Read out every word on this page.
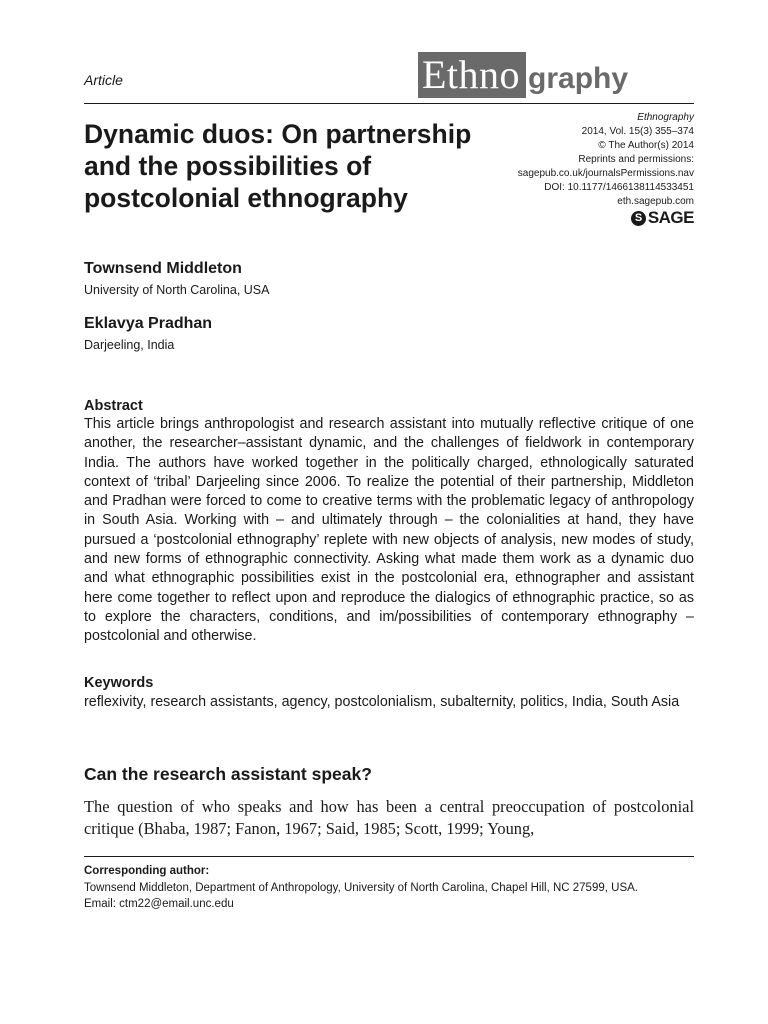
Article	Ethno graphy
Dynamic duos: On partnership and the possibilities of postcolonial ethnography
Ethnography
2014, Vol. 15(3) 355–374
© The Author(s) 2014
Reprints and permissions:
sagepub.co.uk/journalsPermissions.nav
DOI: 10.1177/1466138114533451
eth.sagepub.com
S SAGE
Townsend Middleton
University of North Carolina, USA
Eklavya Pradhan
Darjeeling, India
Abstract

This article brings anthropologist and research assistant into mutually reflective critique of one another, the researcher–assistant dynamic, and the challenges of fieldwork in contemporary India. The authors have worked together in the politically charged, ethnologically saturated context of ‘tribal’ Darjeeling since 2006. To realize the potential of their partnership, Middleton and Pradhan were forced to come to creative terms with the problematic legacy of anthropology in South Asia. Working with – and ultimately through – the colonialities at hand, they have pursued a ‘postcolonial ethnography’ replete with new objects of analysis, new modes of study, and new forms of ethnographic connectivity. Asking what made them work as a dynamic duo and what ethnographic possibilities exist in the postcolonial era, ethnographer and assistant here come together to reflect upon and reproduce the dialogics of ethnographic practice, so as to explore the characters, conditions, and im/possibilities of contemporary ethnography – postcolonial and otherwise.

Keywords

reflexivity, research assistants, agency, postcolonialism, subalternity, politics, India, South Asia

Can the research assistant speak?

The question of who speaks and how has been a central preoccupation of postcolonial critique (Bhaba, 1987; Fanon, 1967; Said, 1985; Scott, 1999; Young,

Corresponding author:
Townsend Middleton, Department of Anthropology, University of North Carolina, Chapel Hill, NC 27599, USA.
Email: ctm22@email.unc.edu
